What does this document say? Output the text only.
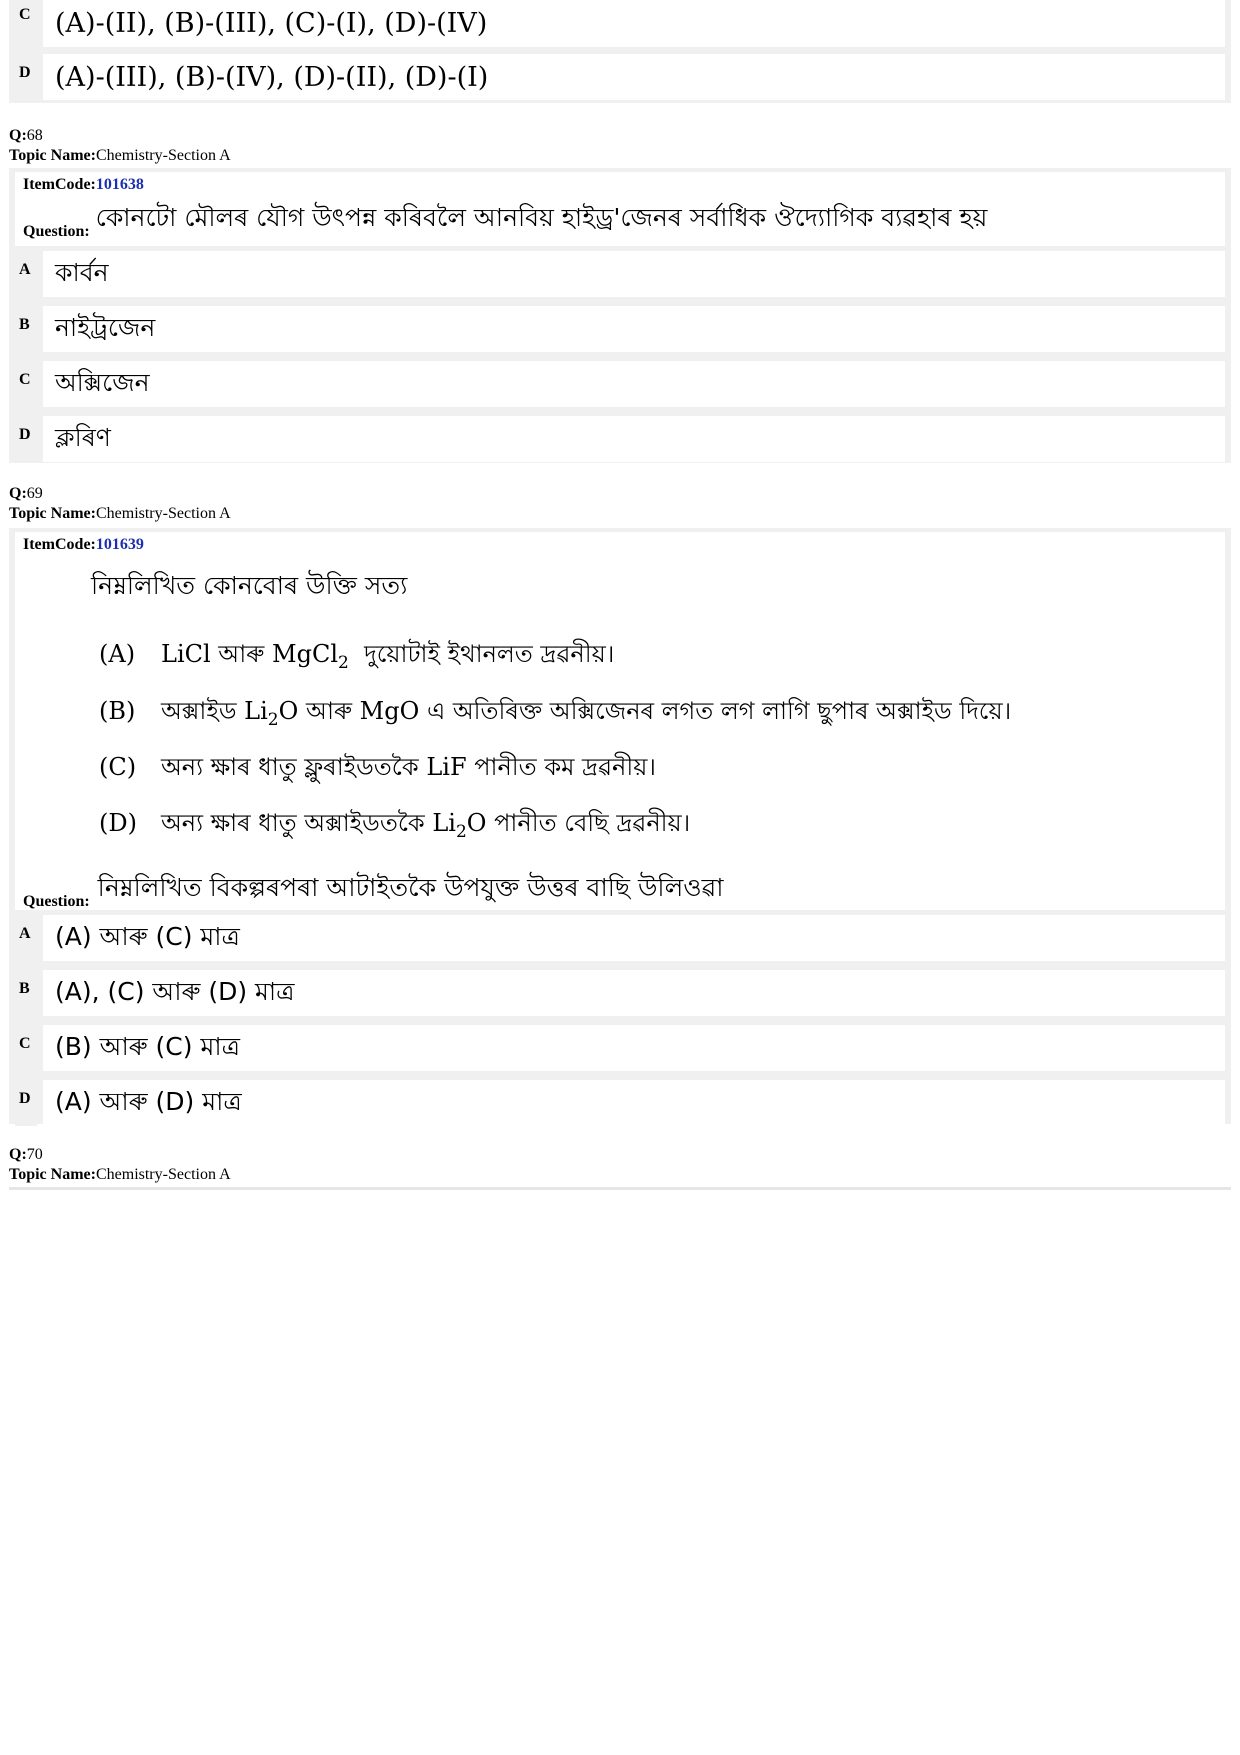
C (A)-(II), (B)-(III), (C)-(I), (D)-(IV)
D (A)-(III), (B)-(IV), (D)-(II), (D)-(I)
Q:68
Topic Name:Chemistry-Section A
ItemCode:101638
Question: কোনটো মৌলৰ যৌগ উৎপন্ন কৰিবলৈ আনবিয় হাইড্ৰ'জেনৰ সৰ্বাধিক ঔদ্যোগিক ব্যৱহাৰ হয়
A কাৰ্বন
B	নাইট্ৰজেন
C অক্সিজেন
D ক্লৰিণ
Q:69
Topic Name:Chemistry-Section A
ItemCode:101639
নিম্নলিখিত কোনবোৰ উক্তি সত্য
(A)	LiCl
আৰু
MgCl$_2$
দুয়োটাই ইথানলত দ্ৰৱনীয়।
(B)	অক্সাইড
$Li_2O$
আৰু
MgO
এ অতিৰিক্ত অক্সিজেনৰ লগত লগ লাগি ছুপাৰ অক্সাইড দিয়ে।
(C)	অন্য ক্ষাৰ ধাতু ফ্লুৰাইডতকৈ
LiF
পানীত কম দ্ৰৱনীয়।
(D)	অন্য ক্ষাৰ ধাতু অক্সাইডতকৈ
$Li_2O$
পানীত বেছি দ্ৰৱনীয়।
Question: নিম্নলিখিত বিকল্পৰপৰা আটাইতকৈ উপযুক্ত উত্তৰ বাছি উলিওৱা
A (A) আৰু (C) মাত্ৰ
B	(A), (C) আৰু (D) মাত্ৰ
C (B) আৰু (C) মাত্ৰ
D (A) আৰু (D) মাত্ৰ
Q:70
Topic Name:Chemistry-Section A
